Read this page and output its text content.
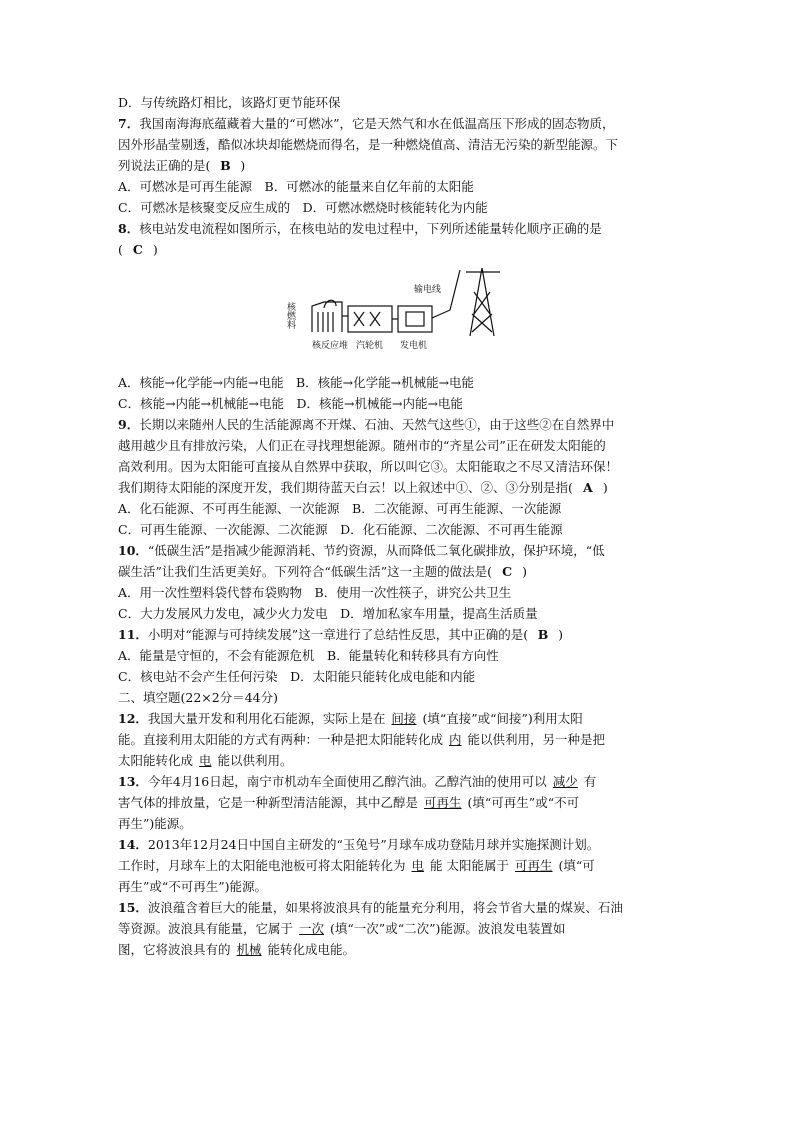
D．与传统路灯相比，该路灯更节能环保
7．我国南海海底蕴藏着大量的“可燃冰”，它是天然气和水在低温高压下形成的固态物质，
因外形晶莹剔透，酷似冰块却能燃烧而得名，是一种燃烧值高、清洁无污染的新型能源。下
列说法正确的是( B )
A．可燃冰是可再生能源　B．可燃冰的能量来自亿年前的太阳能
C．可燃冰是核聚变反应生成的　D．可燃冰燃烧时核能转化为内能
8．核电站发电流程如图所示，在核电站的发电过程中，下列所述能量转化顺序正确的是
( C )
核燃料
核反应堆 汽轮机 发电机
输电线
A．核能→化学能→内能→电能　B．核能→化学能→机械能→电能
C．核能→内能→机械能→电能　D．核能→机械能→内能→电能
9．长期以来随州人民的生活能源离不开煤、石油、天然气这些①，由于这些②在自然界中
越用越少且有排放污染，人们正在寻找理想能源。随州市的“齐星公司”正在研发太阳能的
高效利用。因为太阳能可直接从自然界中获取，所以叫它③。太阳能取之不尽又清洁环保！
我们期待太阳能的深度开发，我们期待蓝天白云！以上叙述中①、②、③分别是指( A )
A．化石能源、不可再生能源、一次能源　B．二次能源、可再生能源、一次能源
C．可再生能源、一次能源、二次能源　D．化石能源、二次能源、不可再生能源
10．“低碳生活”是指减少能源消耗、节约资源，从而降低二氧化碳排放，保护环境，“低
碳生活”让我们生活更美好。下列符合“低碳生活”这一主题的做法是( C )
A．用一次性塑料袋代替布袋购物　B．使用一次性筷子，讲究公共卫生
C．大力发展风力发电，减少火力发电　D．增加私家车用量，提高生活质量
11．小明对“能源与可持续发展”这一章进行了总结性反思，其中正确的是( B )
A．能量是守恒的，不会有能源危机　B．能量转化和转移具有方向性
C．核电站不会产生任何污染　D．太阳能只能转化成电能和内能
二、填空题(22×2分＝44分)
12．我国大量开发和利用化石能源，实际上是在 间接 (填“直接”或“间接”)利用太阳
能。直接利用太阳能的方式有两种：一种是把太阳能转化成 内 能以供利用，另一种是把
太阳能转化成 电 能以供利用。
13．今年4月16日起，南宁市机动车全面使用乙醇汽油。乙醇汽油的使用可以 减少 有
害气体的排放量，它是一种新型清洁能源，其中乙醇是 可再生 (填“可再生”或“不可
再生”)能源。
14．2013年12月24日中国自主研发的“玉兔号”月球车成功登陆月球并实施探测计划。
工作时，月球车上的太阳能电池板可将太阳能转化为 电 能 太阳能属于 可再生 (填“可
再生”或“不可再生”)能源。
15．波浪蕴含着巨大的能量，如果将波浪具有的能量充分利用，将会节省大量的煤炭、石油
等资源。波浪具有能量，它属于 一次 (填“一次”或“二次”)能源。波浪发电装置如
图，它将波浪具有的 机械 能转化成电能。
